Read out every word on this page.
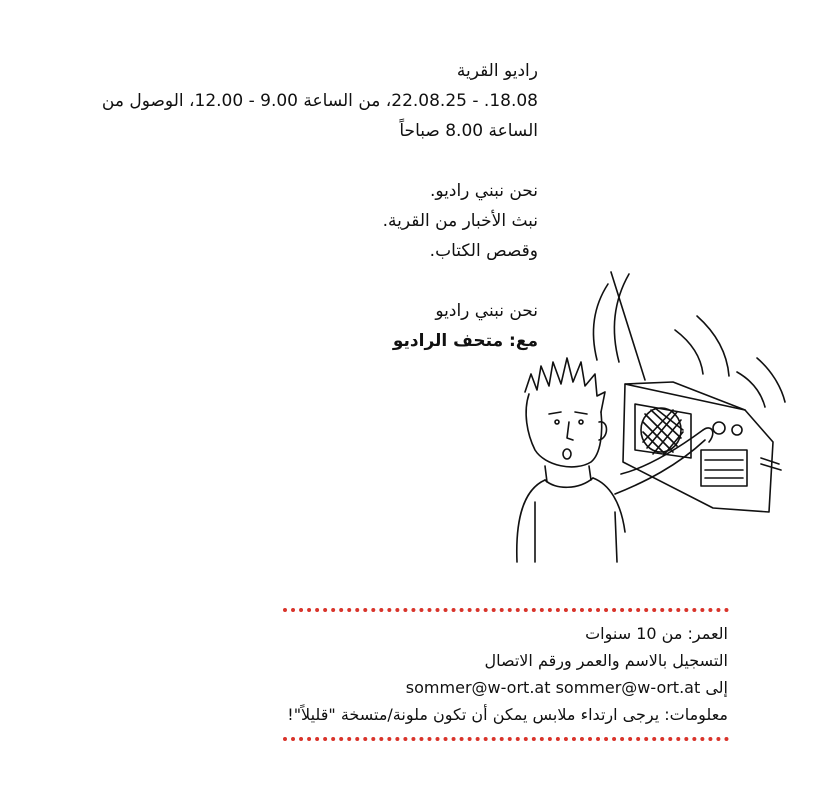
راديو القرية

18.08. - 22.08.25، من الساعة 9.00 - 12.00، الوصول من

الساعة 8.00 صباحاً

نحن نبني راديو.

نبث الأخبار من القرية.

وقصص الكتاب.

نحن نبني راديو

مع: متحف الراديو

العمر: من 10 سنوات

التسجيل بالاسم والعمر ورقم الاتصال

إلى sommer@w-ort.at sommer@w-ort.at

معلومات: يرجى ارتداء ملابس يمكن أن تكون ملونة/متسخة "قليلاً"!
